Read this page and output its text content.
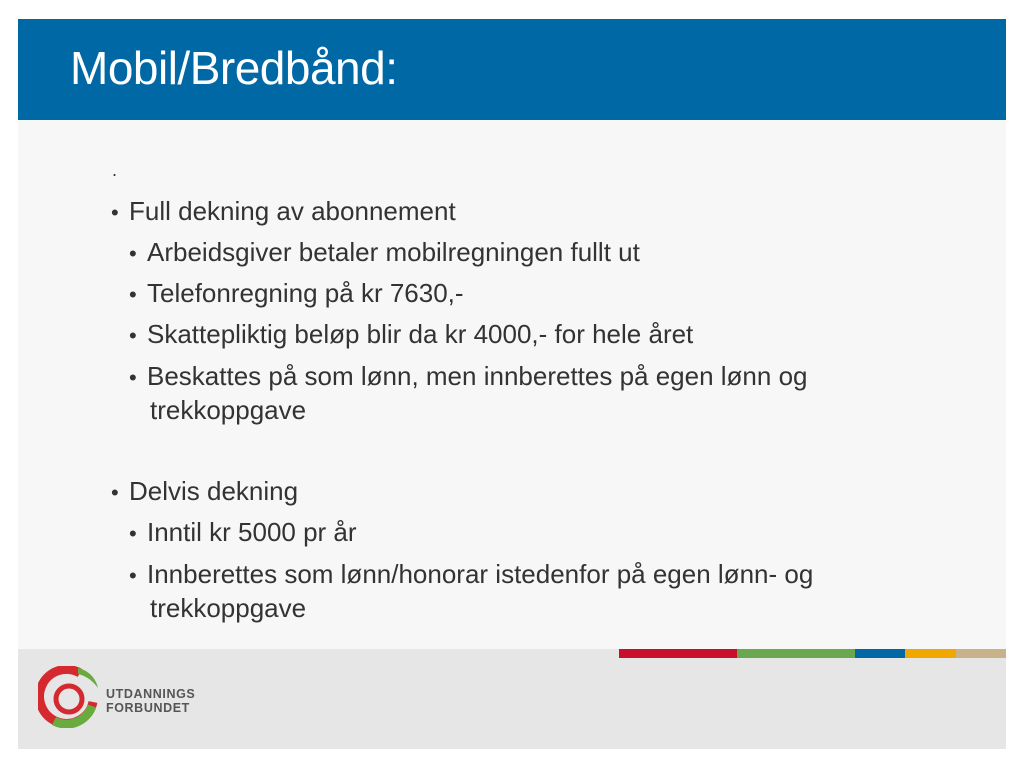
Mobil/Bredbånd:
.
• Full dekning av abonnement
• Arbeidsgiver betaler mobilregningen fullt ut
• Telefonregning på kr 7630,-
• Skattepliktig beløp blir da kr 4000,- for hele året
• Beskattes på som lønn, men innberettes på egen lønn og
trekkoppgave
• Delvis dekning
• Inntil kr 5000 pr år
• Innberettes som lønn/honorar istedenfor på egen lønn- og
trekkoppgave
UTDANNINGS
FORBUNDET
